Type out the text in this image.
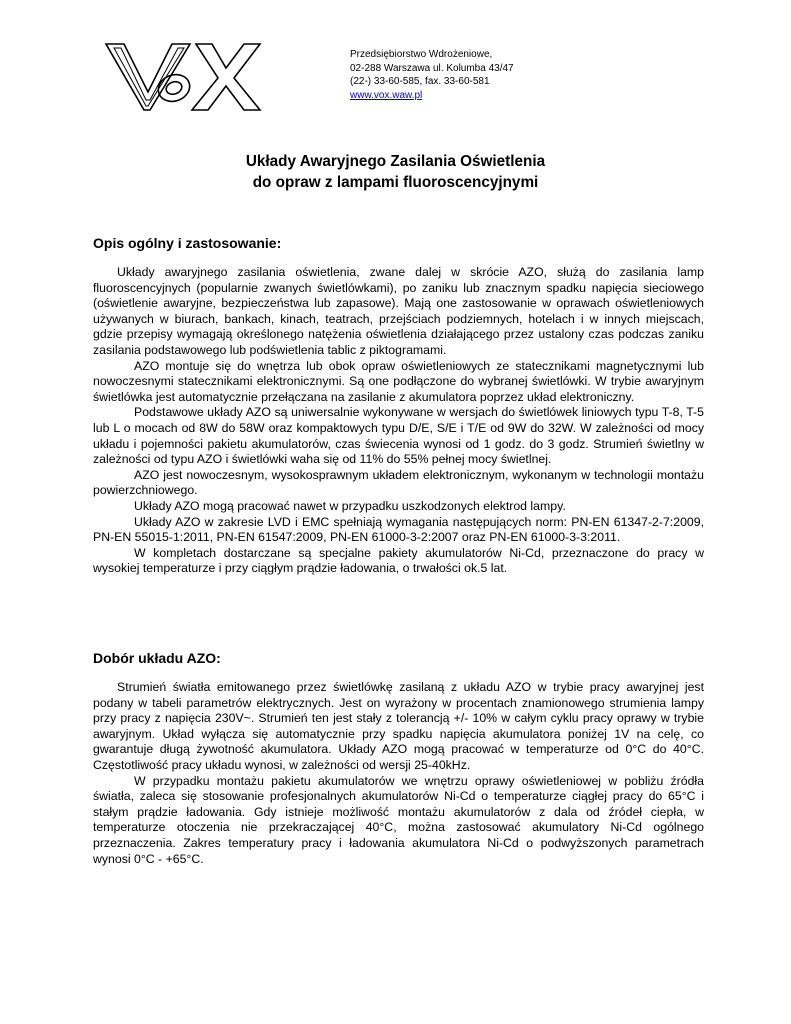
Przedsiębiorstwo Wdrożeniowe,
02-288 Warszawa ul. Kolumba 43/47
(22-) 33-60-585, fax. 33-60-581
www.vox.waw.pl
Układy Awaryjnego Zasilania Oświetlenia
do opraw z lampami fluoroscencyjnymi
Opis ogólny i zastosowanie:

Układy awaryjnego zasilania oświetlenia, zwane dalej w skrócie AZO, służą do zasilania lamp fluoroscencyjnych (popularnie zwanych świetlówkami), po zaniku lub znacznym spadku napięcia sieciowego (oświetlenie awaryjne, bezpieczeństwa lub zapasowe). Mają one zastosowanie w oprawach oświetleniowych używanych w biurach, bankach, kinach, teatrach, przejściach podziemnych, hotelach i w innych miejscach, gdzie przepisy wymagają określonego natężenia oświetlenia działającego przez ustalony czas podczas zaniku zasilania podstawowego lub podświetlenia tablic z piktogramami.

AZO montuje się do wnętrza lub obok opraw oświetleniowych ze statecznikami magnetycznymi lub nowoczesnymi statecznikami elektronicznymi. Są one podłączone do wybranej świetlówki. W trybie awaryjnym świetlówka jest automatycznie przełączana na zasilanie z akumulatora poprzez układ elektroniczny.

Podstawowe układy AZO są uniwersalnie wykonywane w wersjach do świetlówek liniowych typu T-8, T-5 lub L o mocach od 8W do 58W oraz kompaktowych typu D/E, S/E i T/E od 9W do 32W. W zależności od mocy układu i pojemności pakietu akumulatorów, czas świecenia wynosi od 1 godz. do 3 godz. Strumień świetlny w zależności od typu AZO i świetlówki waha się od 11% do 55% pełnej mocy świetlnej.

AZO jest nowoczesnym, wysokosprawnym układem elektronicznym, wykonanym w technologii montażu powierzchniowego.

Układy AZO mogą pracować nawet w przypadku uszkodzonych elektrod lampy.

Układy AZO w zakresie LVD i EMC spełniają wymagania następujących norm: PN-EN 61347-2-7:2009, PN-EN 55015-1:2011, PN-EN 61547:2009, PN-EN 61000-3-2:2007 oraz PN-EN 61000-3-3:2011.

W kompletach dostarczane są specjalne pakiety akumulatorów Ni-Cd, przeznaczone do pracy w wysokiej temperaturze i przy ciągłym prądzie ładowania, o trwałości ok.5 lat.

Dobór układu AZO:

Strumień światła emitowanego przez świetlówkę zasilaną z układu AZO w trybie pracy awaryjnej jest podany w tabeli parametrów elektrycznych. Jest on wyrażony w procentach znamionowego strumienia lampy przy pracy z napięcia 230V~. Strumień ten jest stały z tolerancją +/- 10% w całym cyklu pracy oprawy w trybie awaryjnym. Układ wyłącza się automatycznie przy spadku napięcia akumulatora poniżej 1V na celę, co gwarantuje długą żywotność akumulatora. Układy AZO mogą pracować w temperaturze od 0°C do 40°C. Częstotliwość pracy układu wynosi, w zależności od wersji 25-40kHz.

W przypadku montażu pakietu akumulatorów we wnętrzu oprawy oświetleniowej w pobliżu źródła światła, zaleca się stosowanie profesjonalnych akumulatorów Ni-Cd o temperaturze ciągłej pracy do 65°C i stałym prądzie ładowania. Gdy istnieje możliwość montażu akumulatorów z dala od źródeł ciepła, w temperaturze otoczenia nie przekraczającej 40°C, można zastosować akumulatory Ni-Cd ogólnego przeznaczenia. Zakres temperatury pracy i ładowania akumulatora Ni-Cd o podwyższonych parametrach wynosi 0°C - +65°C.
